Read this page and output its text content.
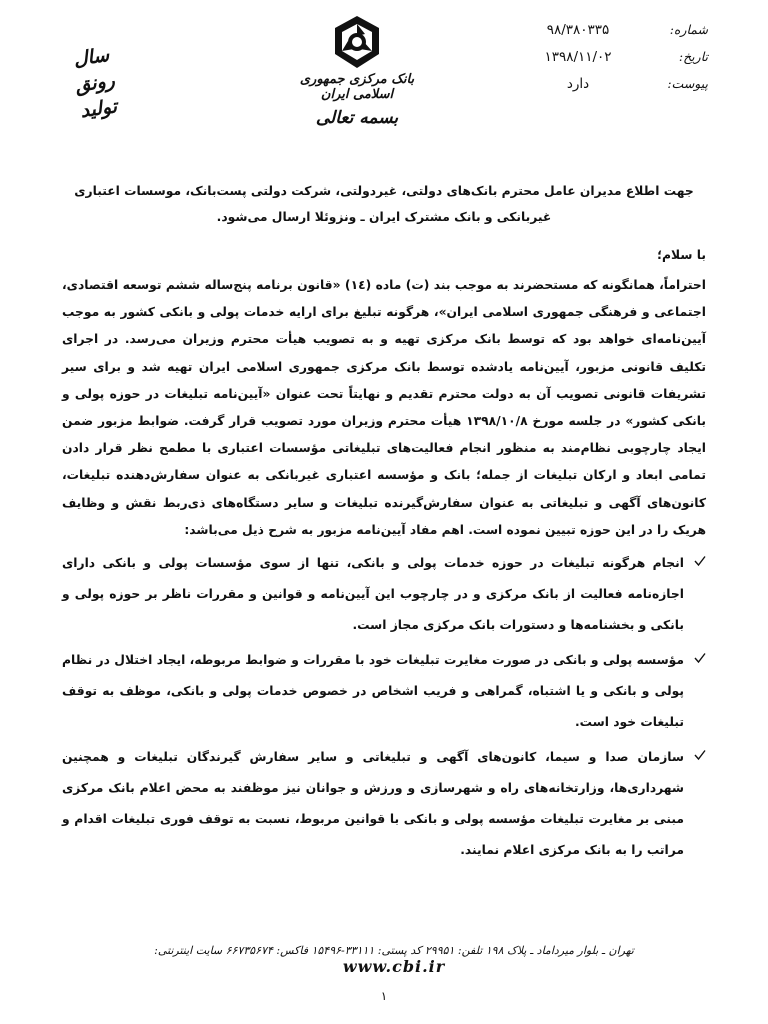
سال رونق
تولید
بانک مرکزی جمهوری اسلامی ایران
بسمه تعالی
شماره:
۹۸/۳۸۰۳۳۵
تاریخ:
۱۳۹۸/۱۱/۰۲
پیوست:
دارد
جهت اطلاع مدیران عامل محترم بانک‌های دولتی، غیردولتی، شرکت دولتی پست‌بانک، موسسات اعتباری
غیربانکی و بانک مشترک ایران ـ ونزوئلا ارسال می‌شود.
با سلام؛
احتراماً، همانگونه که مستحضرند به موجب بند (ت) ماده (١٤) «قانون برنامه پنج‌ساله ششم توسعه اقتصادی، اجتماعی و فرهنگی جمهوری اسلامی ایران»، هرگونه تبلیغ برای ارایه خدمات پولی و بانکی کشور به موجب آیین‌نامه‌ای خواهد بود که توسط بانک مرکزی تهیه و به تصویب هیأت محترم وزیران می‌رسد. در اجرای تکلیف قانونی مزبور، آیین‌نامه یادشده توسط بانک مرکزی جمهوری اسلامی ایران تهیه شد و برای سیر تشریفات قانونی تصویب آن به دولت محترم تقدیم و نهایتاً تحت عنوان «آیین‌نامه تبلیغات در حوزه پولی و بانکی کشور» در جلسه مورخ ۱۳۹۸/۱۰/۸ هیأت محترم وزیران مورد تصویب قرار گرفت. ضوابط مزبور ضمن ایجاد چارچوبی نظام‌مند به منظور انجام فعالیت‌های تبلیغاتی مؤسسات اعتباری با مطمح نظر قرار دادن تمامی ابعاد و ارکان تبلیغات از جمله؛ بانک و مؤسسه اعتباری غیربانکی به عنوان سفارش‌دهنده تبلیغات، کانون‌های آگهی و تبلیغاتی به عنوان سفارش‌گیرنده تبلیغات و سایر دستگاه‌های ذی‌ربط نقش و وظایف هریک را در این حوزه تبیین نموده است. اهم مفاد آیین‌نامه مزبور به شرح ذیل می‌باشد:
انجام هرگونه تبلیغات در حوزه خدمات پولی و بانکی، تنها از سوی مؤسسات پولی و بانکی دارای اجازه‌نامه فعالیت از بانک مرکزی و در چارچوب این آیین‌نامه و قوانین و مقررات ناظر بر حوزه پولی و بانکی و بخشنامه‌ها و دستورات بانک مرکزی مجاز است.
مؤسسه پولی و بانکی در صورت مغایرت تبلیغات خود با مقررات و ضوابط مربوطه، ایجاد اختلال در نظام پولی و بانکی و یا اشتباه، گمراهی و فریب اشخاص در خصوص خدمات پولی و بانکی، موظف به توقف تبلیغات خود است.
سازمان صدا و سیما، کانون‌های آگهی و تبلیغاتی و سایر سفارش گیرندگان تبلیغات و همچنین شهرداری‌ها، وزارتخانه‌های راه و شهرسازی و ورزش و جوانان نیز موظفند به محض اعلام بانک مرکزی مبنی بر مغایرت تبلیغات مؤسسه پولی و بانکی با قوانین مربوط، نسبت به توقف فوری تبلیغات اقدام و مراتب را به بانک مرکزی اعلام نمایند.
تهران ـ بلوار میرداماد ـ پلاک ۱۹۸ تلفن: ۲۹۹۵۱ کد پستی: ۳۳۱۱۱-۱۵۴۹۶ فاکس: ۶۶۷۳۵۶۷۴ سایت اینترنتی: www.cbi.ir
۱
